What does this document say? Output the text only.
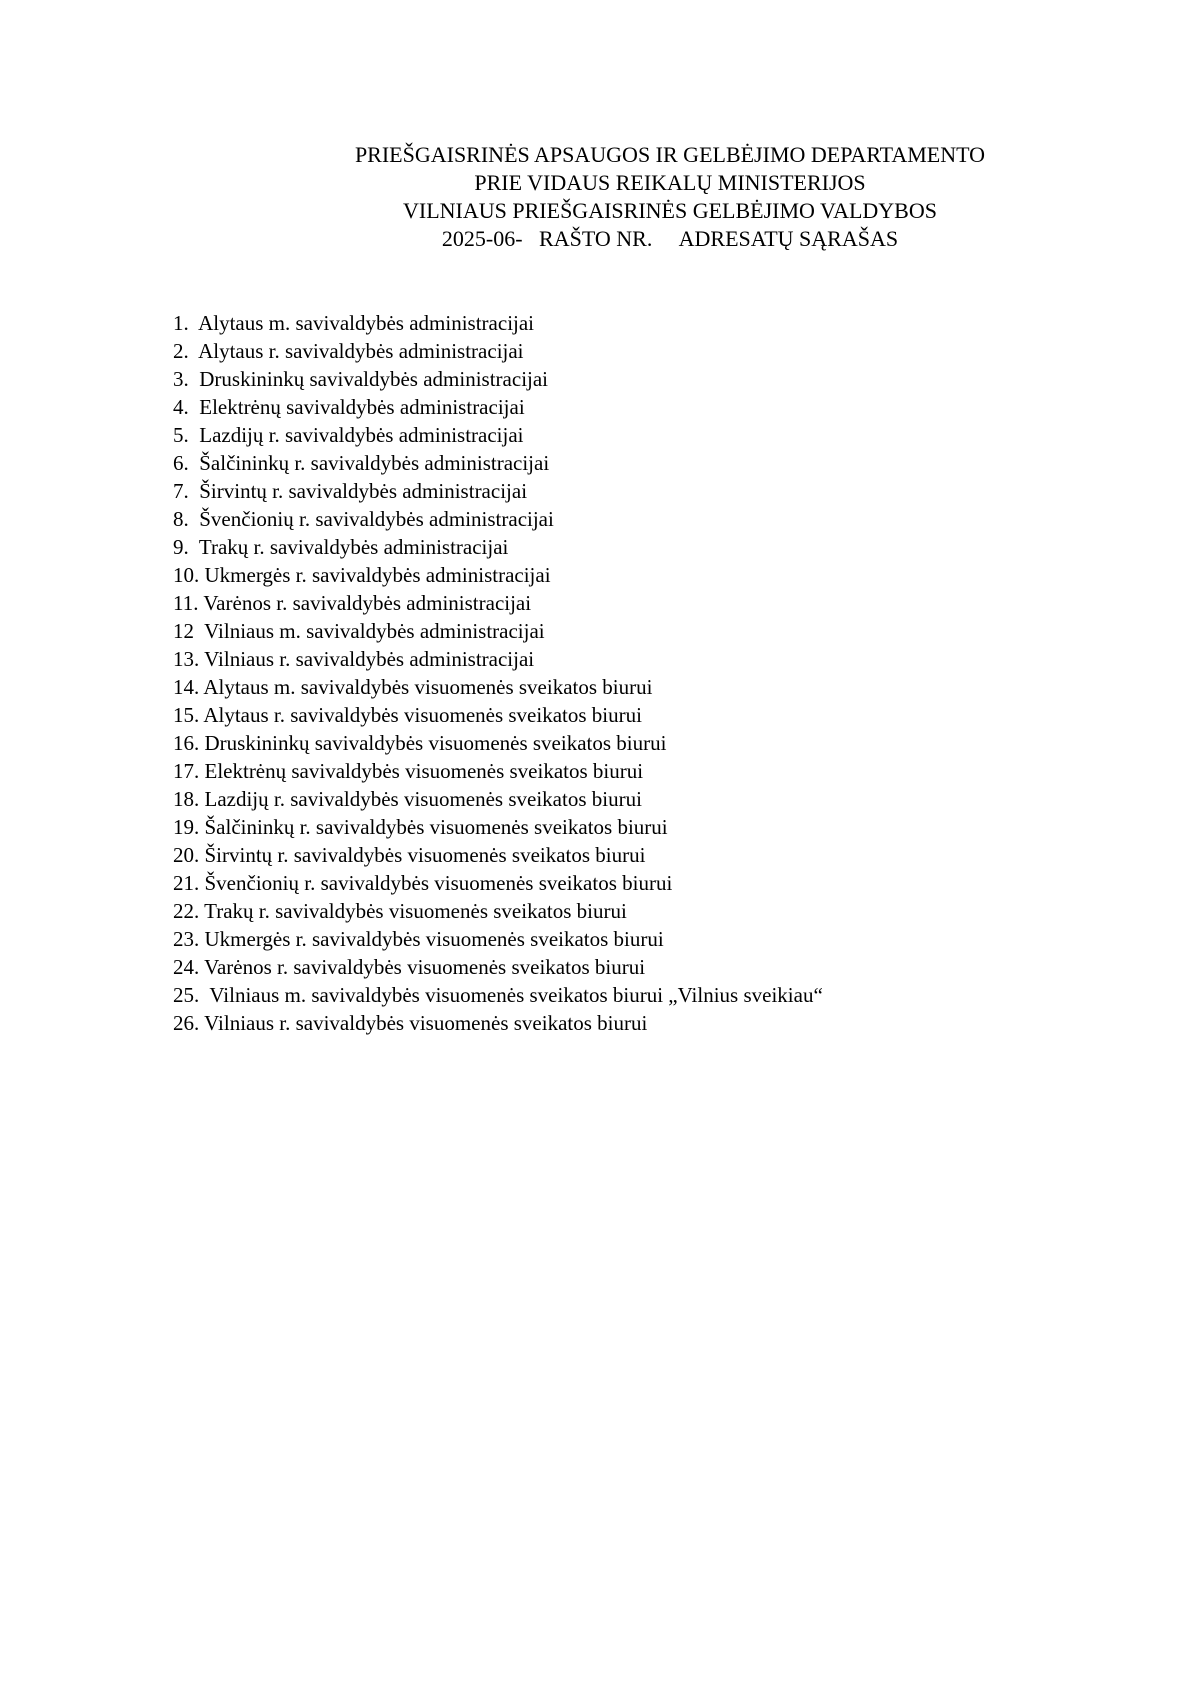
PRIEŠGAISRINĖS APSAUGOS IR GELBĖJIMO DEPARTAMENTO
PRIE VIDAUS REIKALŲ MINISTERIJOS
VILNIAUS PRIEŠGAISRINĖS GELBĖJIMO VALDYBOS
2025-06-   RAŠTO NR.     ADRESATŲ SĄRAŠAS
1.  Alytaus m. savivaldybės administracijai
2.  Alytaus r. savivaldybės administracijai
3.  Druskininkų savivaldybės administracijai
4.  Elektrėnų savivaldybės administracijai
5.  Lazdijų r. savivaldybės administracijai
6.  Šalčininkų r. savivaldybės administracijai
7.  Širvintų r. savivaldybės administracijai
8.  Švenčionių r. savivaldybės administracijai
9.  Trakų r. savivaldybės administracijai
10. Ukmergės r. savivaldybės administracijai
11. Varėnos r. savivaldybės administracijai
12  Vilniaus m. savivaldybės administracijai
13. Vilniaus r. savivaldybės administracijai
14. Alytaus m. savivaldybės visuomenės sveikatos biurui
15. Alytaus r. savivaldybės visuomenės sveikatos biurui
16. Druskininkų savivaldybės visuomenės sveikatos biurui
17. Elektrėnų savivaldybės visuomenės sveikatos biurui
18. Lazdijų r. savivaldybės visuomenės sveikatos biurui
19. Šalčininkų r. savivaldybės visuomenės sveikatos biurui
20. Širvintų r. savivaldybės visuomenės sveikatos biurui
21. Švenčionių r. savivaldybės visuomenės sveikatos biurui
22. Trakų r. savivaldybės visuomenės sveikatos biurui
23. Ukmergės r. savivaldybės visuomenės sveikatos biurui
24. Varėnos r. savivaldybės visuomenės sveikatos biurui
25.  Vilniaus m. savivaldybės visuomenės sveikatos biurui „Vilnius sveikiau“
26. Vilniaus r. savivaldybės visuomenės sveikatos biurui
